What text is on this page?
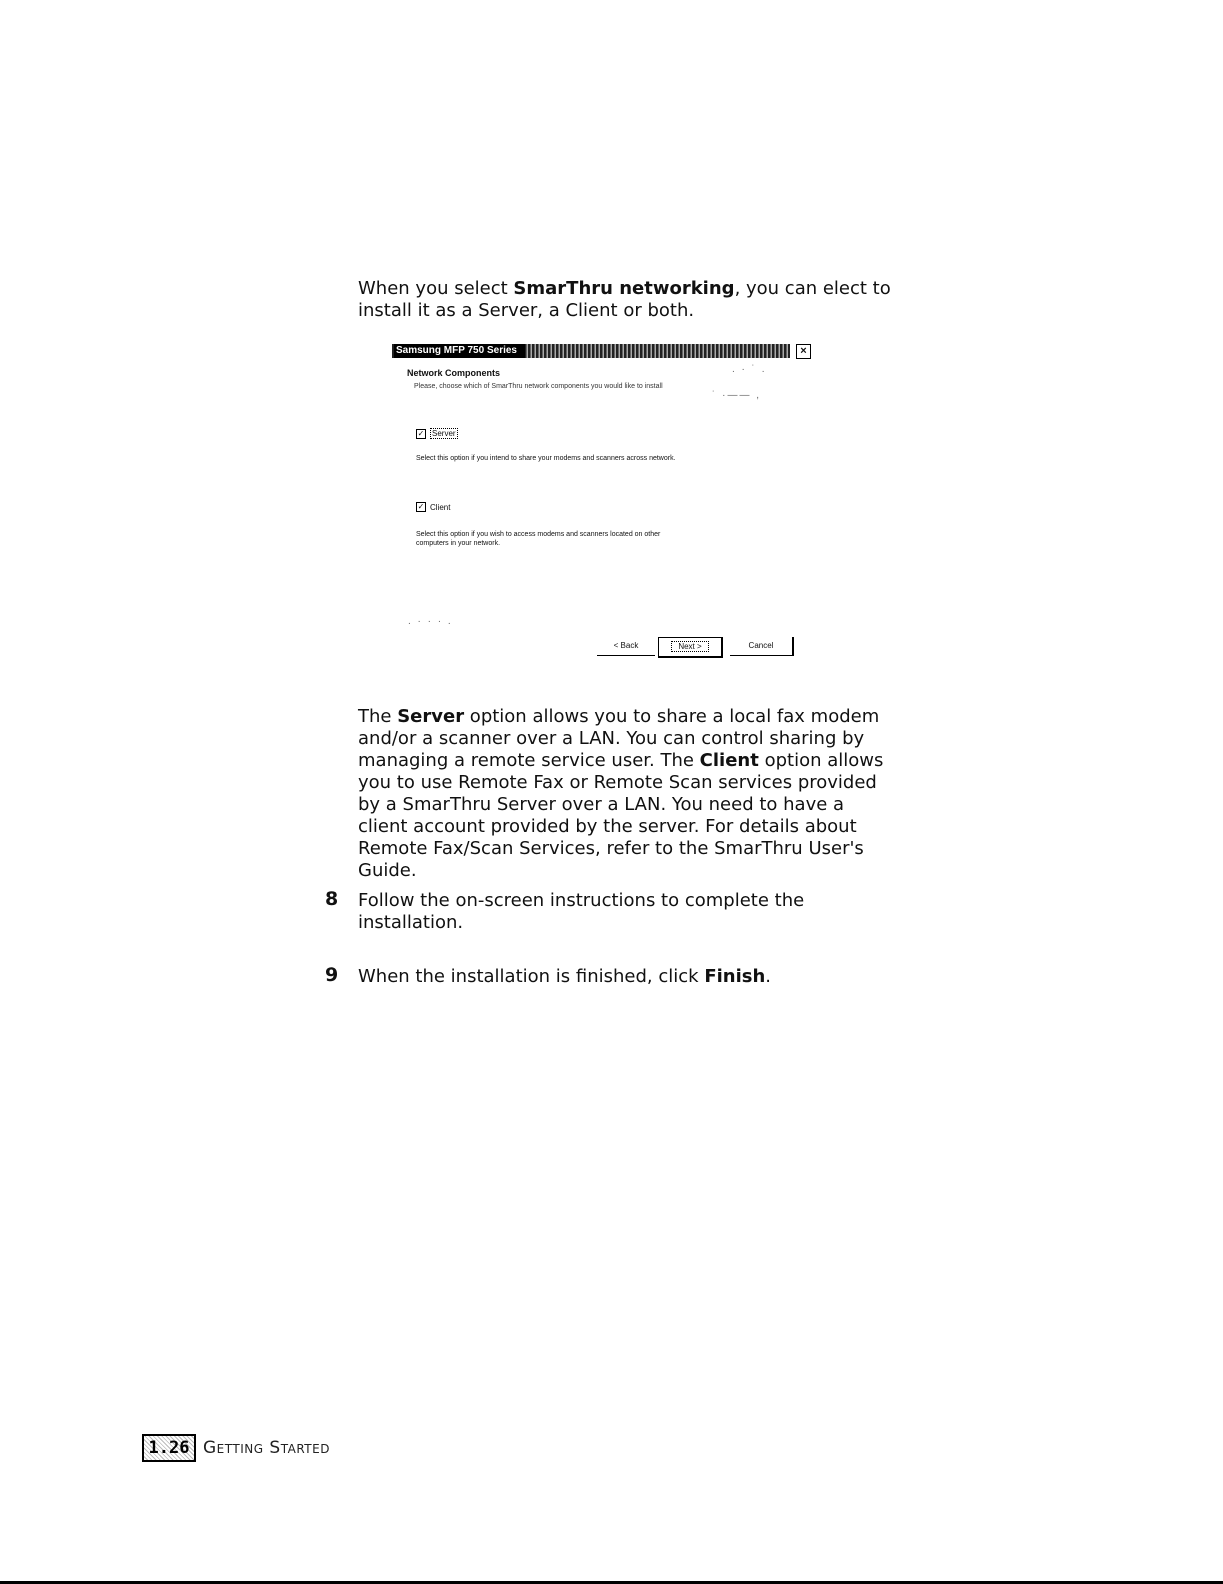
When you select SmarThru networking, you can elect to install it as a Server, a Client or both.
Samsung MFP 750 Series	×
Network Components
Please, choose which of SmarThru network components you would like to install
. · ˙ .
˙ ·—— ,
✓ Server
Select this option if you intend to share your modems and scanners across network.
✓ Client
Select this option if you wish to access modems and scanners located on other computers in your network.
. · · · .
< Back	Next >	Cancel
The Server option allows you to share a local fax modem and/or a scanner over a LAN. You can control sharing by managing a remote service user. The Client option allows you to use Remote Fax or Remote Scan services provided by a SmarThru Server over a LAN. You need to have a client account provided by the server. For details about Remote Fax/Scan Services, refer to the SmarThru User's Guide.
8 Follow the on-screen instructions to complete the installation.
9 When the installation is finished, click Finish.
1.26 Getting Started
